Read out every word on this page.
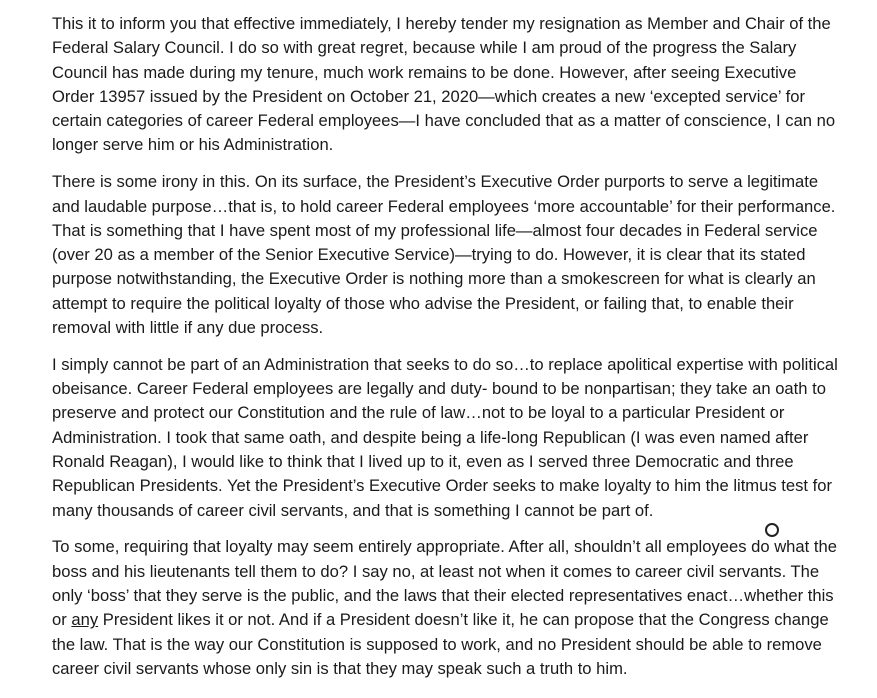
This it to inform you that effective immediately, I hereby tender my resignation as Member and Chair of the Federal Salary Council. I do so with great regret, because while I am proud of the progress the Salary Council has made during my tenure, much work remains to be done. However, after seeing Executive Order 13957 issued by the President on October 21, 2020—which creates a new ‘excepted service’ for certain categories of career Federal employees—I have concluded that as a matter of conscience, I can no longer serve him or his Administration.

There is some irony in this. On its surface, the President’s Executive Order purports to serve a legitimate and laudable purpose…that is, to hold career Federal employees ‘more accountable’ for their performance. That is something that I have spent most of my professional life—almost four decades in Federal service (over 20 as a member of the Senior Executive Service)—trying to do. However, it is clear that its stated purpose notwithstanding, the Executive Order is nothing more than a smokescreen for what is clearly an attempt to require the political loyalty of those who advise the President, or failing that, to enable their removal with little if any due process.

I simply cannot be part of an Administration that seeks to do so…to replace apolitical expertise with political obeisance. Career Federal employees are legally and duty- bound to be nonpartisan; they take an oath to preserve and protect our Constitution and the rule of law…not to be loyal to a particular President or Administration. I took that same oath, and despite being a life-long Republican (I was even named after Ronald Reagan), I would like to think that I lived up to it, even as I served three Democratic and three Republican Presidents. Yet the President’s Executive Order seeks to make loyalty to him the litmus test for many thousands of career civil servants, and that is something I cannot be part of.

To some, requiring that loyalty may seem entirely appropriate. After all, shouldn’t all employees do what the boss and his lieutenants tell them to do? I say no, at least not when it comes to career civil servants. The only ‘boss’ that they serve is the public, and the laws that their elected representatives enact…whether this or any President likes it or not. And if a President doesn’t like it, he can propose that the Congress change the law. That is the way our Constitution is supposed to work, and no President should be able to remove career civil servants whose only sin is that they may speak such a truth to him.
